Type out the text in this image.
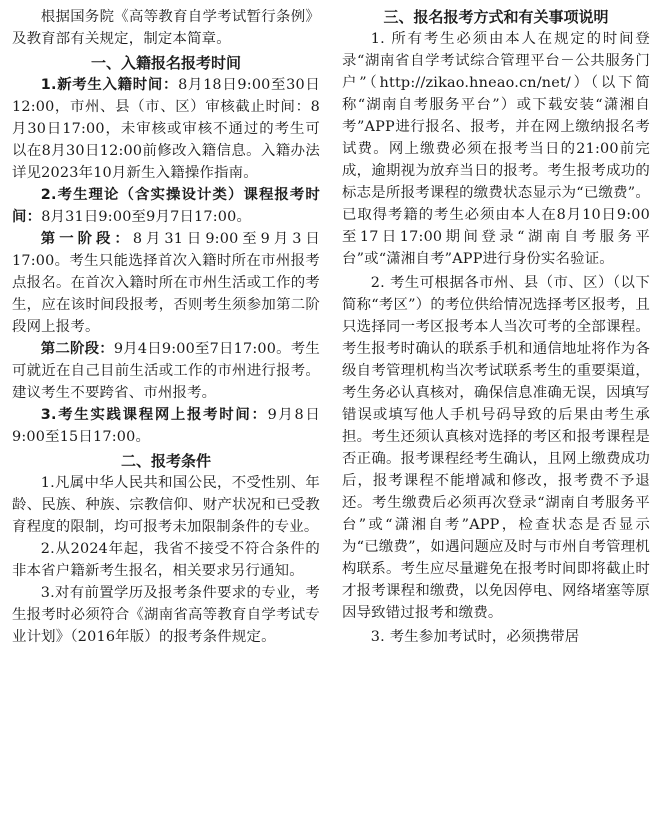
根据国务院《高等教育自学考试暂行条例》及教育部有关规定，制定本简章。

一、入籍报名报考时间

1.新考生入籍时间：8月18日9:00至30日12:00，市州、县（市、区）审核截止时间：8月30日17:00，未审核或审核不通过的考生可以在8月30日12:00前修改入籍信息。入籍办法详见2023年10月新生入籍操作指南。

2.考生理论（含实操设计类）课程报考时间：8月31日9:00至9月7日17:00。

第一阶段：8月31日9:00至9月3日17:00。考生只能选择首次入籍时所在市州报考点报名。在首次入籍时所在市州生活或工作的考生，应在该时间段报考，否则考生须参加第二阶段网上报考。

第二阶段：9月4日9:00至7日17:00。考生可就近在自己目前生活或工作的市州进行报考。建议考生不要跨省、市州报考。

3.考生实践课程网上报考时间：9月8日9:00至15日17:00。

二、报考条件

1.凡属中华人民共和国公民，不受性别、年龄、民族、种族、宗教信仰、财产状况和已受教育程度的限制，均可报考未加限制条件的专业。

2.从2024年起，我省不接受不符合条件的非本省户籍新考生报名，相关要求另行通知。

3.对有前置学历及报考条件要求的专业，考生报考时必须符合《湖南省高等教育自学考试专业计划》（2016年版）的报考条件规定。

三、报名报考方式和有关事项说明

1. 所有考生必须由本人在规定的时间登录“湖南省自学考试综合管理平台－公共服务门户”（http://zikao.hneao.cn/net/）（以下简称“湖南自考服务平台”）或下载安装“潇湘自考”APP进行报名、报考，并在网上缴纳报名考试费。网上缴费必须在报考当日的21:00前完成，逾期视为放弃当日的报考。考生报考成功的标志是所报考课程的缴费状态显示为“已缴费”。已取得考籍的考生必须由本人在8月10日9:00至17日17:00期间登录“湖南自考服务平台”或“潇湘自考”APP进行身份实名验证。

2. 考生可根据各市州、县（市、区）（以下简称“考区”）的考位供给情况选择考区报考，且只选择同一考区报考本人当次可考的全部课程。考生报考时确认的联系手机和通信地址将作为各级自考管理机构当次考试联系考生的重要渠道，考生务必认真核对，确保信息准确无误，因填写错误或填写他人手机号码导致的后果由考生承担。考生还须认真核对选择的考区和报考课程是否正确。报考课程经考生确认，且网上缴费成功后，报考课程不能增减和修改，报考费不予退还。考生缴费后必须再次登录“湖南自考服务平台”或“潇湘自考”APP，检查状态是否显示为“已缴费”，如遇问题应及时与市州自考管理机构联系。考生应尽量避免在报考时间即将截止时才报考课程和缴费，以免因停电、网络堵塞等原因导致错过报考和缴费。

3. 考生参加考试时，必须携带居
